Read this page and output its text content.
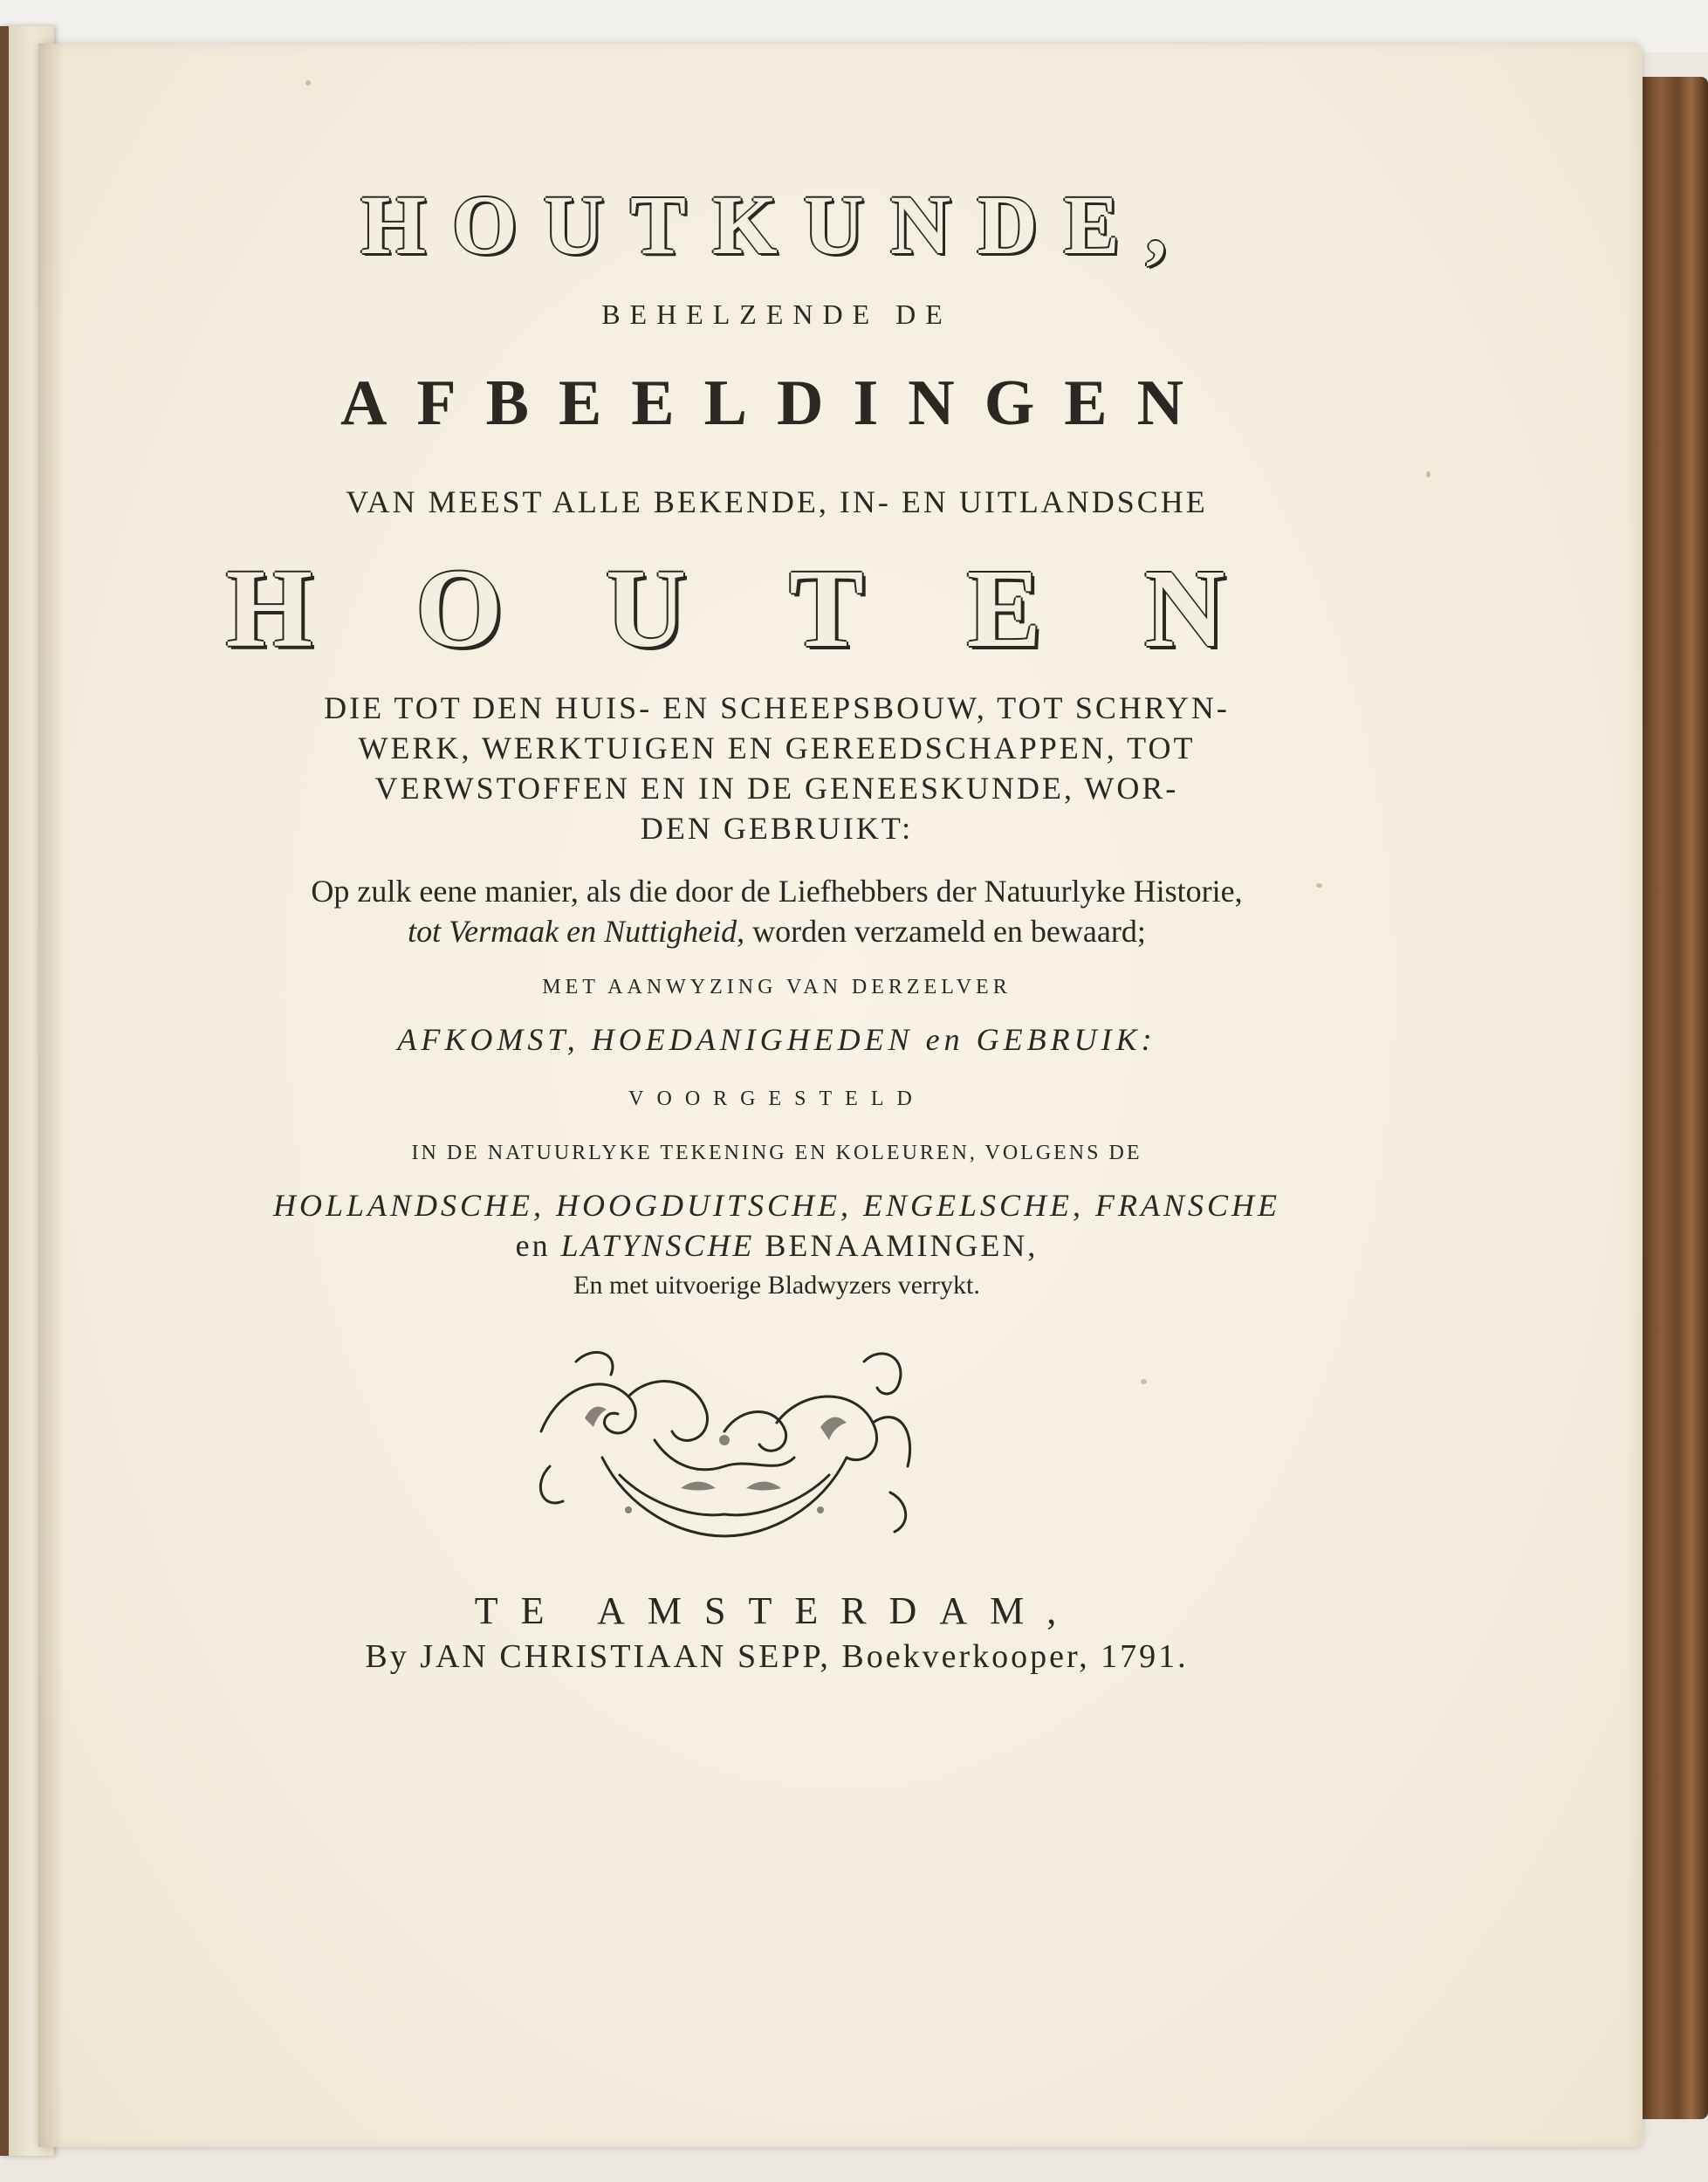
HOUTKUNDE,
BEHELZENDE DE
AFBEELDINGEN
VAN MEEST ALLE BEKENDE, IN- EN UITLANDSCHE
HOUTEN
DIE TOT DEN HUIS- EN SCHEEPSBOUW, TOT SCHRYN-
WERK, WERKTUIGEN EN GEREEDSCHAPPEN, TOT
VERWSTOFFEN EN IN DE GENEESKUNDE, WOR-
DEN GEBRUIKT:
Op zulk eene manier, als die door de Liefhebbers der Natuurlyke Historie,
tot Vermaak en Nuttigheid, worden verzameld en bewaard;
MET AANWYZING VAN DERZELVER
AFKOMST, HOEDANIGHEDEN en GEBRUIK:
VOORGESTELD
IN DE NATUURLYKE TEKENING EN KOLEUREN, VOLGENS DE
HOLLANDSCHE, HOOGDUITSCHE, ENGELSCHE, FRANSCHE
en LATYNSCHE BENAAMINGEN,
En met uitvoerige Bladwyzers verrykt.
TE AMSTERDAM,
By JAN CHRISTIAAN SEPP, Boekverkooper, 1791.
